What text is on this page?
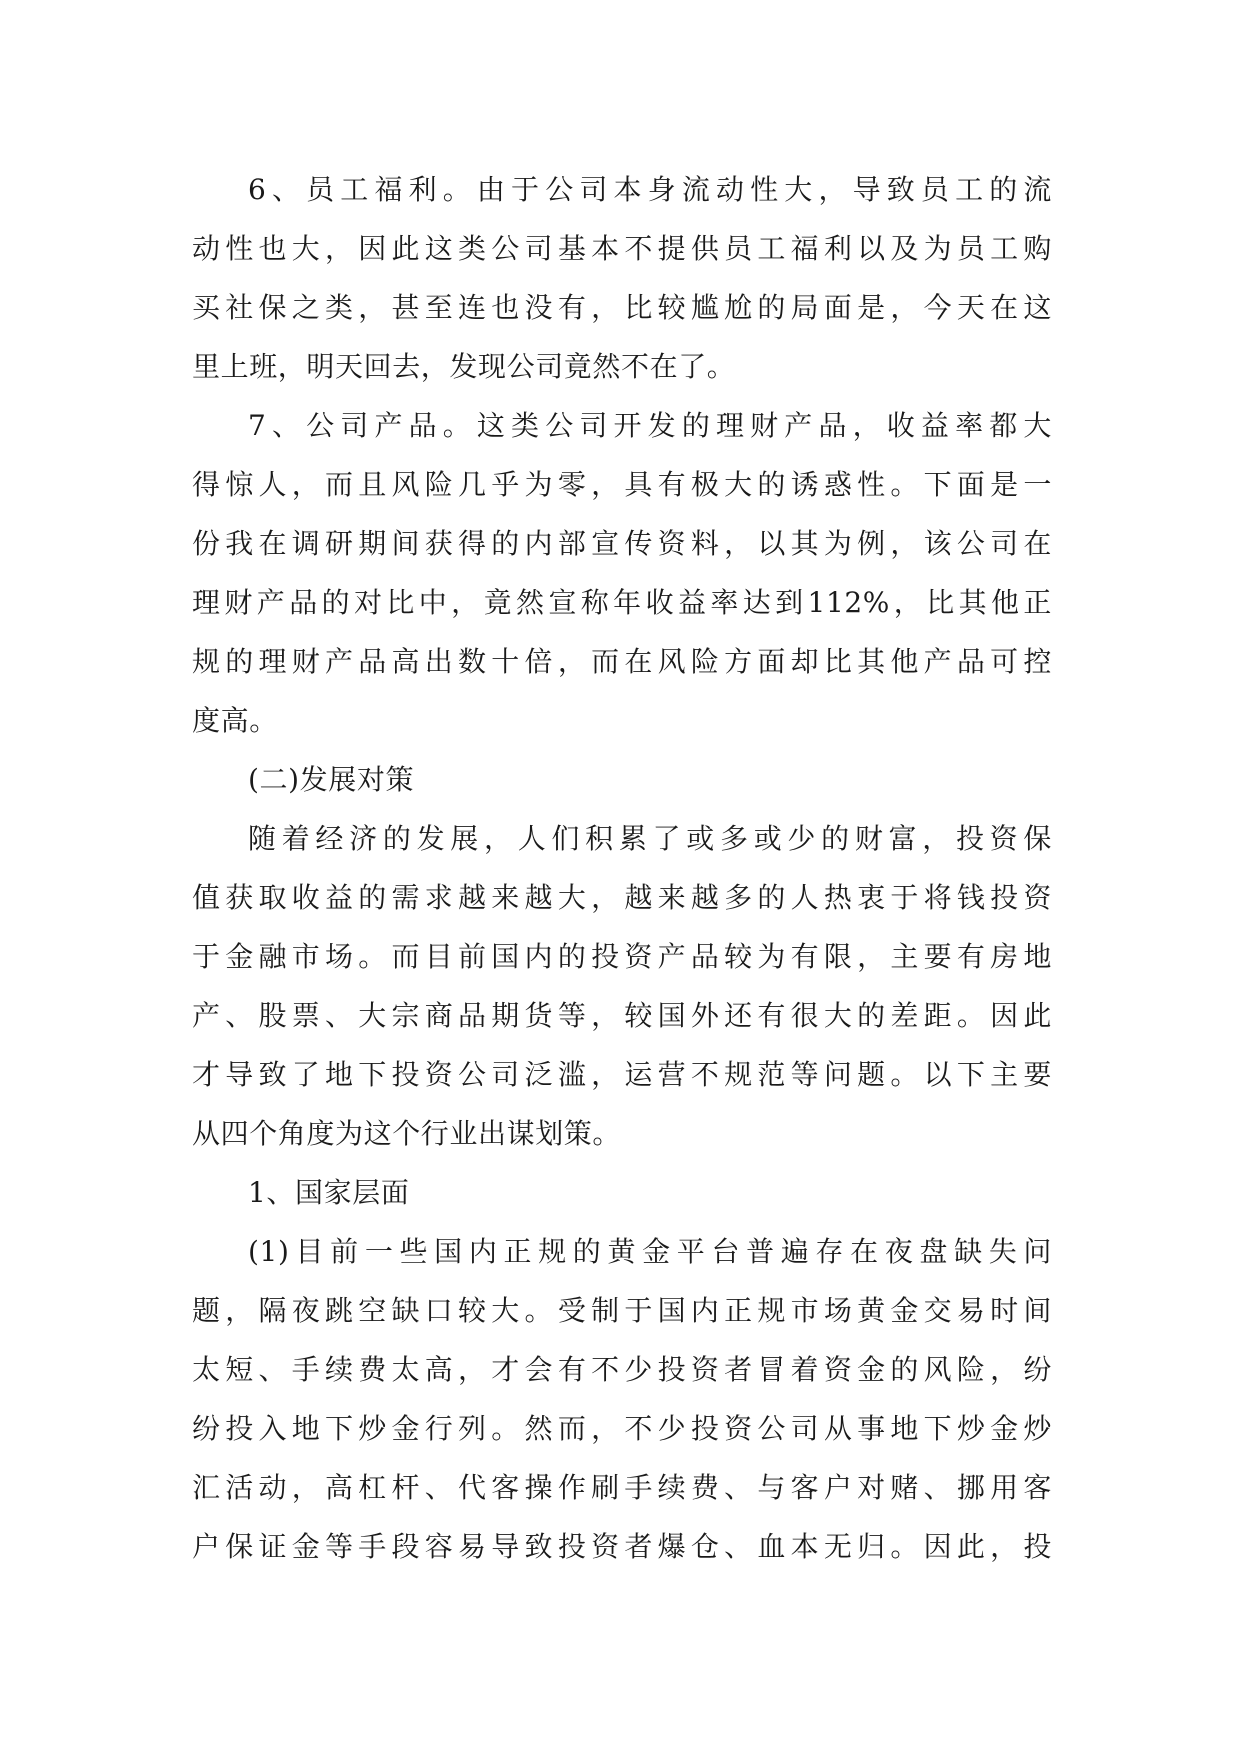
6、员工福利。由于公司本身流动性大，导致员工的流
动性也大，因此这类公司基本不提供员工福利以及为员工购
买社保之类，甚至连也没有，比较尴尬的局面是，今天在这
里上班，明天回去，发现公司竟然不在了。
7、公司产品。这类公司开发的理财产品，收益率都大
得惊人，而且风险几乎为零，具有极大的诱惑性。下面是一
份我在调研期间获得的内部宣传资料，以其为例，该公司在
理财产品的对比中，竟然宣称年收益率达到112%，比其他正
规的理财产品高出数十倍，而在风险方面却比其他产品可控
度高。
(二)发展对策
随着经济的发展，人们积累了或多或少的财富，投资保
值获取收益的需求越来越大，越来越多的人热衷于将钱投资
于金融市场。而目前国内的投资产品较为有限，主要有房地
产、股票、大宗商品期货等，较国外还有很大的差距。因此
才导致了地下投资公司泛滥，运营不规范等问题。以下主要
从四个角度为这个行业出谋划策。
1、国家层面
(1)目前一些国内正规的黄金平台普遍存在夜盘缺失问
题，隔夜跳空缺口较大。受制于国内正规市场黄金交易时间
太短、手续费太高，才会有不少投资者冒着资金的风险，纷
纷投入地下炒金行列。然而，不少投资公司从事地下炒金炒
汇活动，高杠杆、代客操作刷手续费、与客户对赌、挪用客
户保证金等手段容易导致投资者爆仓、血本无归。因此，投
